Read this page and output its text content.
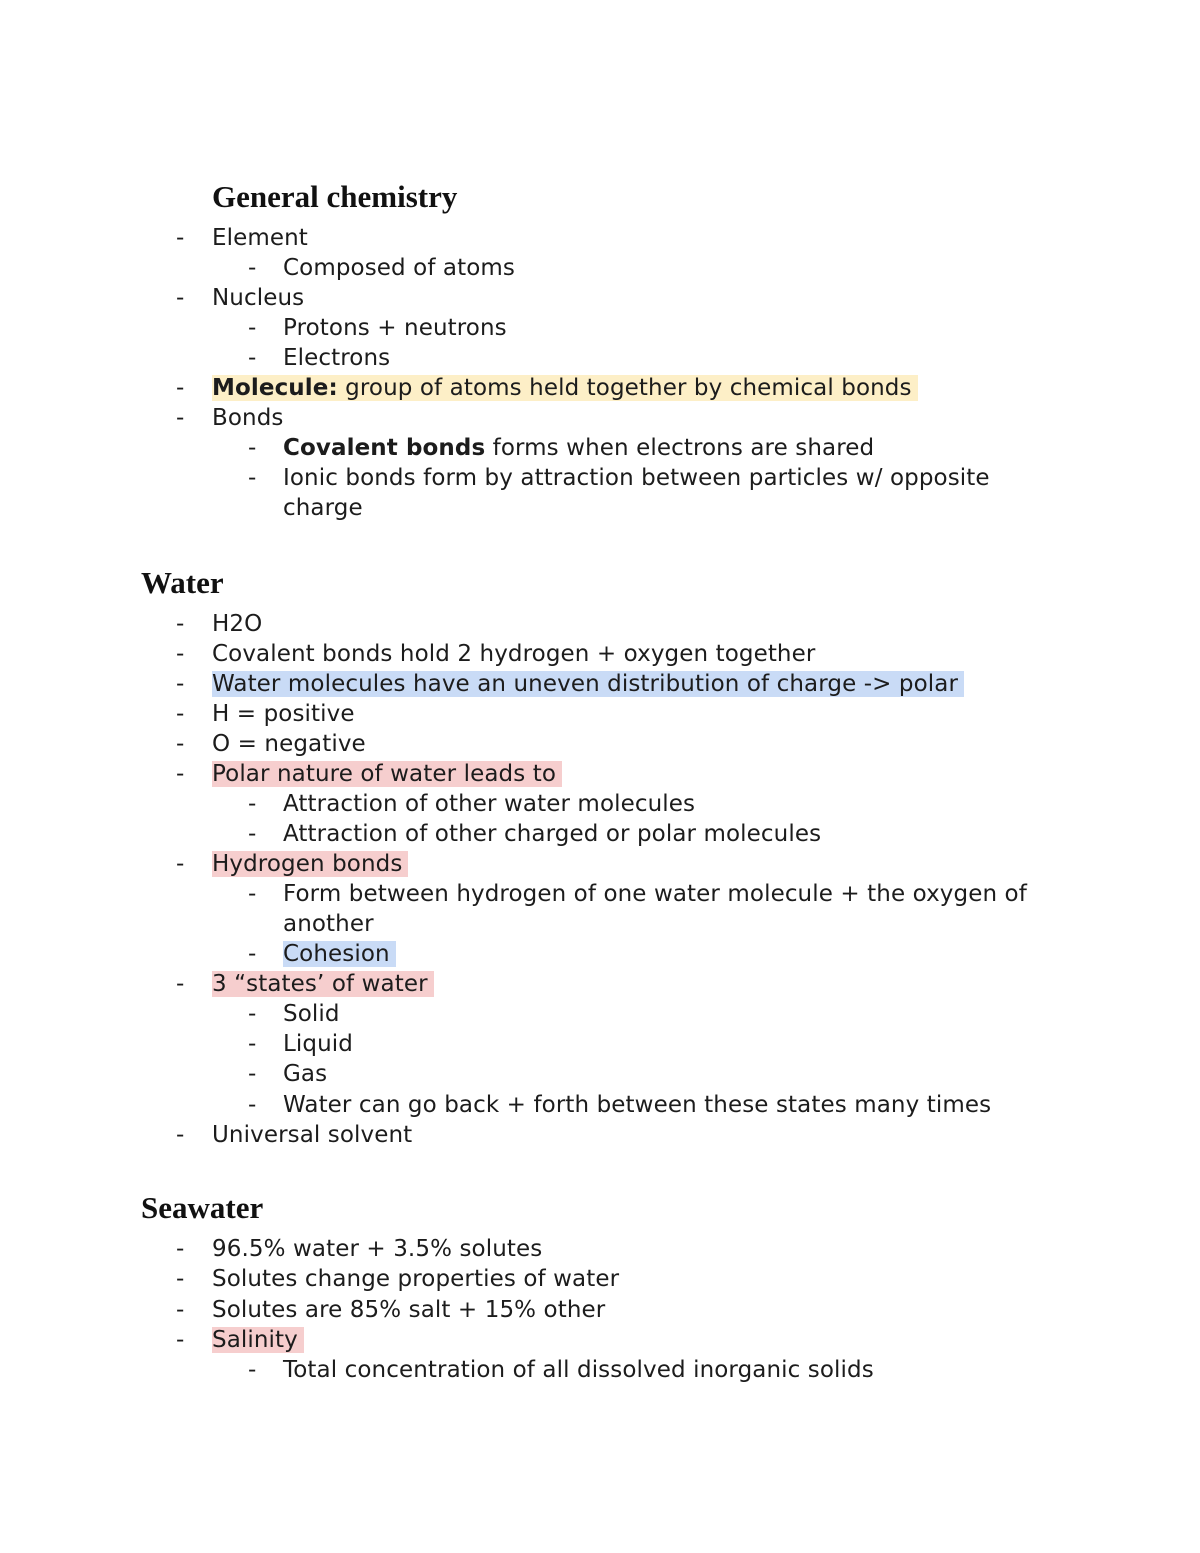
General chemistry
- Element
- Composed of atoms
- Nucleus
- Protons + neutrons
- Electrons
- Molecule: group of atoms held together by chemical bonds
- Bonds
- Covalent bonds forms when electrons are shared
- Ionic bonds form by attraction between particles w/ opposite charge
Water
- H2O
- Covalent bonds hold 2 hydrogen + oxygen together
- Water molecules have an uneven distribution of charge -> polar
- H = positive
- O = negative
- Polar nature of water leads to
- Attraction of other water molecules
- Attraction of other charged or polar molecules
- Hydrogen bonds
- Form between hydrogen of one water molecule + the oxygen of another
- Cohesion
- 3 “states’ of water
- Solid
- Liquid
- Gas
- Water can go back + forth between these states many times
- Universal solvent
Seawater
- 96.5% water + 3.5% solutes
- Solutes change properties of water
- Solutes are 85% salt + 15% other
- Salinity
- Total concentration of all dissolved inorganic solids
